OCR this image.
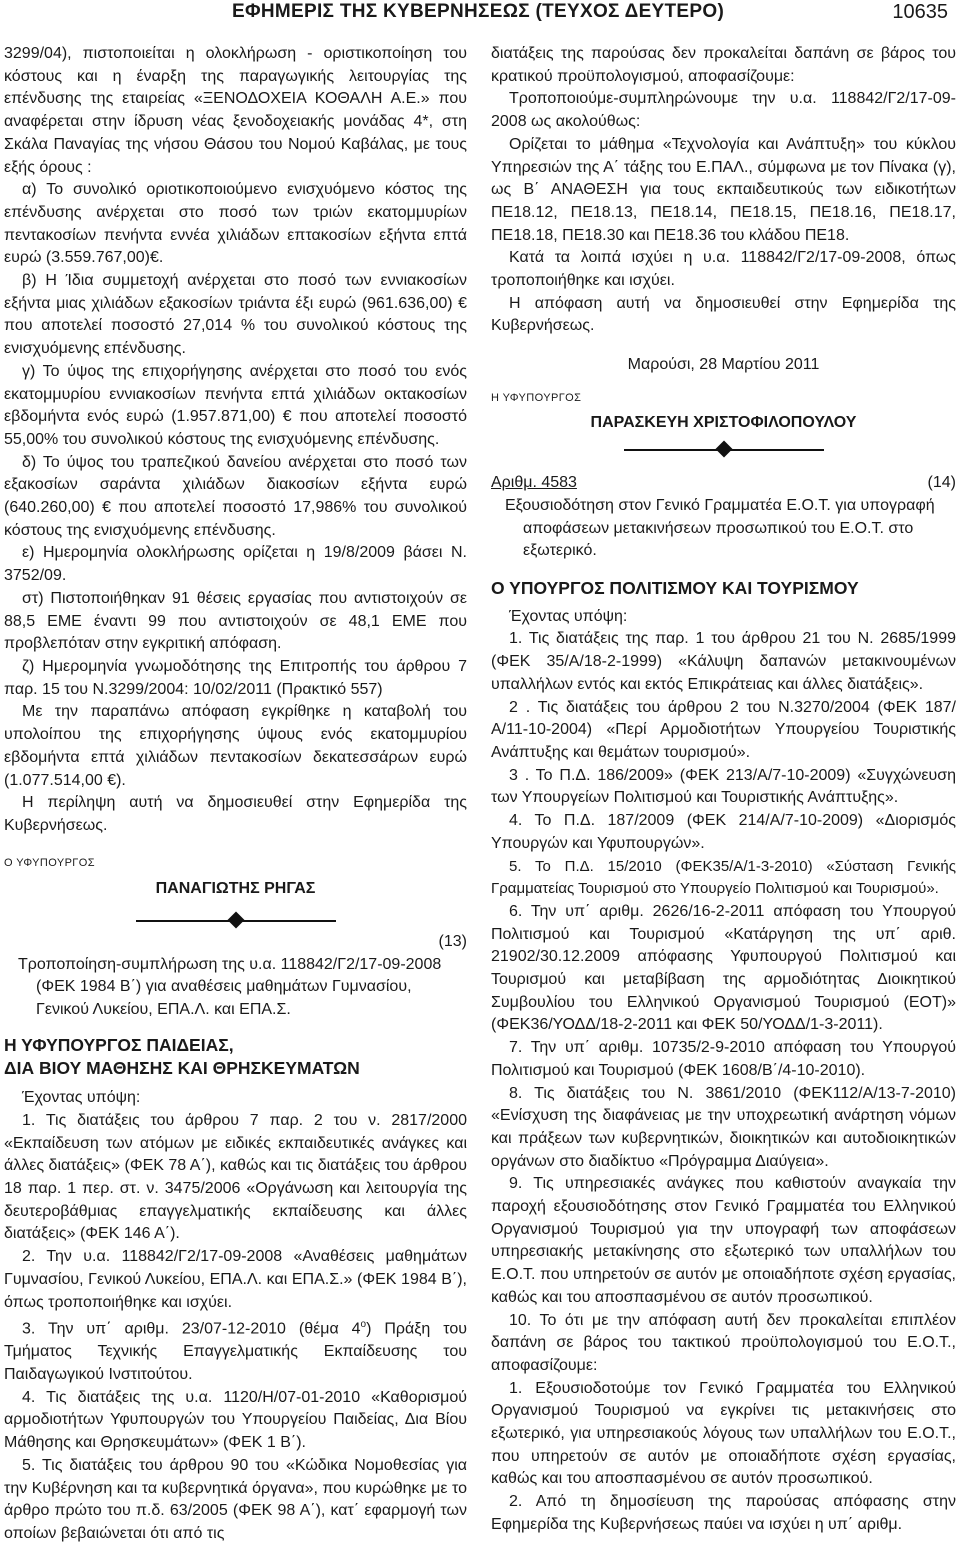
ΕΦΗΜΕΡΙΣ ΤΗΣ ΚΥΒΕΡΝΗΣΕΩΣ (ΤΕΥΧΟΣ ΔΕΥΤΕΡΟ)	10635

3299/04), πιστοποιείται η ολοκλήρωση - οριστικοποίηση του κόστους και η έναρξη της παραγωγικής λειτουργίας της επένδυσης της εταιρείας «ΞΕΝΟΔΟΧΕΙΑ ΚΟΘΑΛΗ Α.Ε.» που αναφέρεται στην ίδρυση νέας ξενοδοχειακής μονάδας 4*, στη Σκάλα Παναγίας της νήσου Θάσου του Νομού Καβάλας, με τους εξής όρους :

α) Το συνολικό οριοτικοποιούμενο ενισχυόμενο κόστος της επένδυσης ανέρχεται στο ποσό των τριών εκατομμυρίων πεντακοσίων πενήντα εννέα χιλιάδων επτακοσίων εξήντα επτά ευρώ (3.559.767,00)€.

β) Η Ίδια συμμετοχή ανέρχεται στο ποσό των εννιακοσίων εξήντα μιας χιλιάδων εξακοσίων τριάντα έξι ευρώ (961.636,00) € που αποτελεί ποσοστό 27,014 % του συνολικού κόστους της ενισχυόμενης επένδυσης.

γ) Το ύψος της επιχορήγησης ανέρχεται στο ποσό του ενός εκατομμυρίου εννιακοσίων πενήντα επτά χιλιάδων οκτακοσίων εβδομήντα ενός ευρώ (1.957.871,00) € που αποτελεί ποσοστό 55,00% του συνολικού κόστους της ενισχυόμενης επένδυσης.

δ) Το ύψος του τραπεζικού δανείου ανέρχεται στο ποσό των εξακοσίων σαράντα χιλιάδων διακοσίων εξήντα ευρώ (640.260,00) € που αποτελεί ποσοστό 17,986% του συνολικού κόστους της ενισχυόμενης επένδυσης.

ε) Ημερομηνία ολοκλήρωσης ορίζεται η 19/8/2009 βάσει Ν. 3752/09.

στ) Πιστοποιήθηκαν 91 θέσεις εργασίας που αντιστοιχούν σε 88,5 ΕΜΕ έναντι 99 που αντιστοιχούν σε 48,1 ΕΜΕ που προβλεπόταν στην εγκριτική απόφαση.

ζ) Ημερομηνία γνωμοδότησης της Επιτροπής του άρθρου 7 παρ. 15 του Ν.3299/2004: 10/02/2011 (Πρακτικό 557)

Με την παραπάνω απόφαση εγκρίθηκε η καταβολή του υπολοίπου της επιχορήγησης ύψους ενός εκατομμυρίου εβδομήντα επτά χιλιάδων πεντακοσίων δεκατεσσάρων ευρώ (1.077.514,00 €).

Η περίληψη αυτή να δημοσιευθεί στην Εφημερίδα της Κυβερνήσεως.

Ο ΥΦΥΠΟΥΡΓΟΣ

ΠΑΝΑΓΙΩΤΗΣ ΡΗΓΑΣ

(13)

Τροποποίηση-συμπλήρωση της υ.α. 118842/Γ2/17-09-2008 (ΦΕΚ 1984 Β΄) για αναθέσεις μαθημάτων Γυμνασίου, Γενικού Λυκείου, ΕΠΑ.Λ. και ΕΠΑ.Σ.

Η ΥΦΥΠΟΥΡΓΟΣ ΠΑΙΔΕΙΑΣ,

ΔΙΑ ΒΙΟΥ ΜΑΘΗΣΗΣ ΚΑΙ ΘΡΗΣΚΕΥΜΑΤΩΝ

Έχοντας υπόψη:

1. Τις διατάξεις του άρθρου 7 παρ. 2 του ν. 2817/2000 «Εκπαίδευση των ατόμων με ειδικές εκπαιδευτικές ανάγκες και άλλες διατάξεις» (ΦΕΚ 78 Α΄), καθώς και τις διατάξεις του άρθρου 18 παρ. 1 περ. στ. ν. 3475/2006 «Οργάνωση και λειτουργία της δευτεροβάθμιας επαγγελματικής εκπαίδευσης και άλλες διατάξεις» (ΦΕΚ 146 Α΄).

2. Την υ.α. 118842/Γ2/17-09-2008 «Αναθέσεις μαθημάτων Γυμνασίου, Γενικού Λυκείου, ΕΠΑ.Λ. και ΕΠΑ.Σ.» (ΦΕΚ 1984 Β΄), όπως τροποποιήθηκε και ισχύει.

3. Την υπ΄ αριθμ. 23/07-12-2010 (θέμα $4^o$) Πράξη του Τμήματος Τεχνικής Επαγγελματικής Εκπαίδευσης του Παιδαγωγικού Ινστιτούτου.

4. Τις διατάξεις της υ.α. 1120/Η/07-01-2010 «Καθορισμού αρμοδιοτήτων Υφυπουργών του Υπουργείου Παιδείας, Δια Βίου Μάθησης και Θρησκευμάτων» (ΦΕΚ 1 Β΄).

5. Τις διατάξεις του άρθρου 90 του «Κώδικα Νομοθεσίας για την Κυβέρνηση και τα κυβερνητικά όργανα», που κυρώθηκε με το άρθρο πρώτο του π.δ. 63/2005 (ΦΕΚ 98 Α΄), κατ΄ εφαρμογή των οποίων βεβαιώνεται ότι από τις

διατάξεις της παρούσας δεν προκαλείται δαπάνη σε βάρος του κρατικού προϋπολογισμού, αποφασίζουμε:

Τροποποιούμε-συμπληρώνουμε την υ.α. 118842/Γ2/17-09-2008 ως ακολούθως:

Ορίζεται το μάθημα «Τεχνολογία και Ανάπτυξη» του κύκλου Υπηρεσιών της Α΄ τάξης του Ε.ΠΑΛ., σύμφωνα με τον Πίνακα (γ), ως Β΄ ΑΝΑΘΕΣΗ για τους εκπαιδευτικούς των ειδικοτήτων ΠΕ18.12, ΠΕ18.13, ΠΕ18.14, ΠΕ18.15, ΠΕ18.16, ΠΕ18.17, ΠΕ18.18, ΠΕ18.30 και ΠΕ18.36 του κλάδου ΠΕ18.

Κατά τα λοιπά ισχύει η υ.α. 118842/Γ2/17-09-2008, όπως τροποποιήθηκε και ισχύει.

Η απόφαση αυτή να δημοσιευθεί στην Εφημερίδα της Κυβερνήσεως.

Μαρούσι, 28 Μαρτίου 2011

Η ΥΦΥΠΟΥΡΓΟΣ

ΠΑΡΑΣΚΕΥΗ ΧΡΙΣΤΟΦΙΛΟΠΟΥΛΟΥ

Αριθμ. 4583	(14)

Εξουσιοδότηση στον Γενικό Γραμματέα Ε.Ο.Τ. για υπογραφή αποφάσεων μετακινήσεων προσωπικού του Ε.Ο.Τ. στο εξωτερικό.

Ο ΥΠΟΥΡΓΟΣ ΠΟΛΙΤΙΣΜΟΥ ΚΑΙ ΤΟΥΡΙΣΜΟΥ

Έχοντας υπόψη:

1. Τις διατάξεις της παρ. 1 του άρθρου 21 του Ν. 2685/1999 (ΦΕΚ 35/Α/18-2-1999) «Κάλυψη δαπανών μετακινουμένων υπαλλήλων εντός και εκτός Επικράτειας και άλλες διατάξεις».

2 . Τις διατάξεις του άρθρου 2 του Ν.3270/2004 (ΦΕΚ 187/Α/11-10-2004) «Περί Αρμοδιοτήτων Υπουργείου Τουριστικής Ανάπτυξης και θεμάτων τουρισμού».

3 . Το Π.Δ. 186/2009» (ΦΕΚ 213/Α/7-10-2009) «Συγχώνευση των Υπουργείων Πολιτισμού και Τουριστικής Ανάπτυξης».

4. Το Π.Δ. 187/2009 (ΦΕΚ 214/Α/7-10-2009) «Διορισμός Υπουργών και Υφυπουργών».

5. Το Π.Δ. 15/2010 (ΦΕΚ35/Α/1-3-2010) «Σύσταση Γενικής Γραμματείας Τουρισμού στο Υπουργείο Πολιτισμού και Τουρισμού».

6. Την υπ΄ αριθμ. 2626/16-2-2011 απόφαση του Υπουργού Πολιτισμού και Τουρισμού «Κατάργηση της υπ΄ αριθ. 21902/30.12.2009 απόφασης Υφυπουργού Πολιτισμού και Τουρισμού και μεταβίβαση της αρμοδιότητας Διοικητικού Συμβουλίου του Ελληνικού Οργανισμού Τουρισμού (ΕΟΤ)» (ΦΕΚ36/ΥΟΔΔ/18-2-2011 και ΦΕΚ 50/ΥΟΔΔ/1-3-2011).

7. Την υπ΄ αριθμ. 10735/2-9-2010 απόφαση του Υπουργού Πολιτισμού και Τουρισμού (ΦΕΚ 1608/Β΄/4-10-2010).

8. Τις διατάξεις του Ν. 3861/2010 (ΦΕΚ112/Α/13-7-2010) «Ενίσχυση της διαφάνειας με την υποχρεωτική ανάρτηση νόμων και πράξεων των κυβερνητικών, διοικητικών και αυτοδιοικητικών οργάνων στο διαδίκτυο «Πρόγραμμα Διαύγεια».

9. Τις υπηρεσιακές ανάγκες που καθιστούν αναγκαία την παροχή εξουσιοδότησης στον Γενικό Γραμματέα του Ελληνικού Οργανισμού Τουρισμού για την υπογραφή των αποφάσεων υπηρεσιακής μετακίνησης στο εξωτερικό των υπαλλήλων του Ε.Ο.Τ. που υπηρετούν σε αυτόν με οποιαδήποτε σχέση εργασίας, καθώς και του αποσπασμένου σε αυτόν προσωπικού.

10. Το ότι με την απόφαση αυτή δεν προκαλείται επιπλέον δαπάνη σε βάρος του τακτικού προϋπολογισμού του Ε.Ο.Τ., αποφασίζουμε:

1. Εξουσιοδοτούμε τον Γενικό Γραμματέα του Ελληνικού Οργανισμού Τουρισμού να εγκρίνει τις μετακινήσεις στο εξωτερικό, για υπηρεσιακούς λόγους των υπαλλήλων του Ε.Ο.Τ., που υπηρετούν σε αυτόν με οποιαδήποτε σχέση εργασίας, καθώς και του αποσπασμένου σε αυτόν προσωπικού.

2. Από τη δημοσίευση της παρούσας απόφασης στην Εφημερίδα της Κυβερνήσεως παύει να ισχύει η υπ΄ αριθμ.
